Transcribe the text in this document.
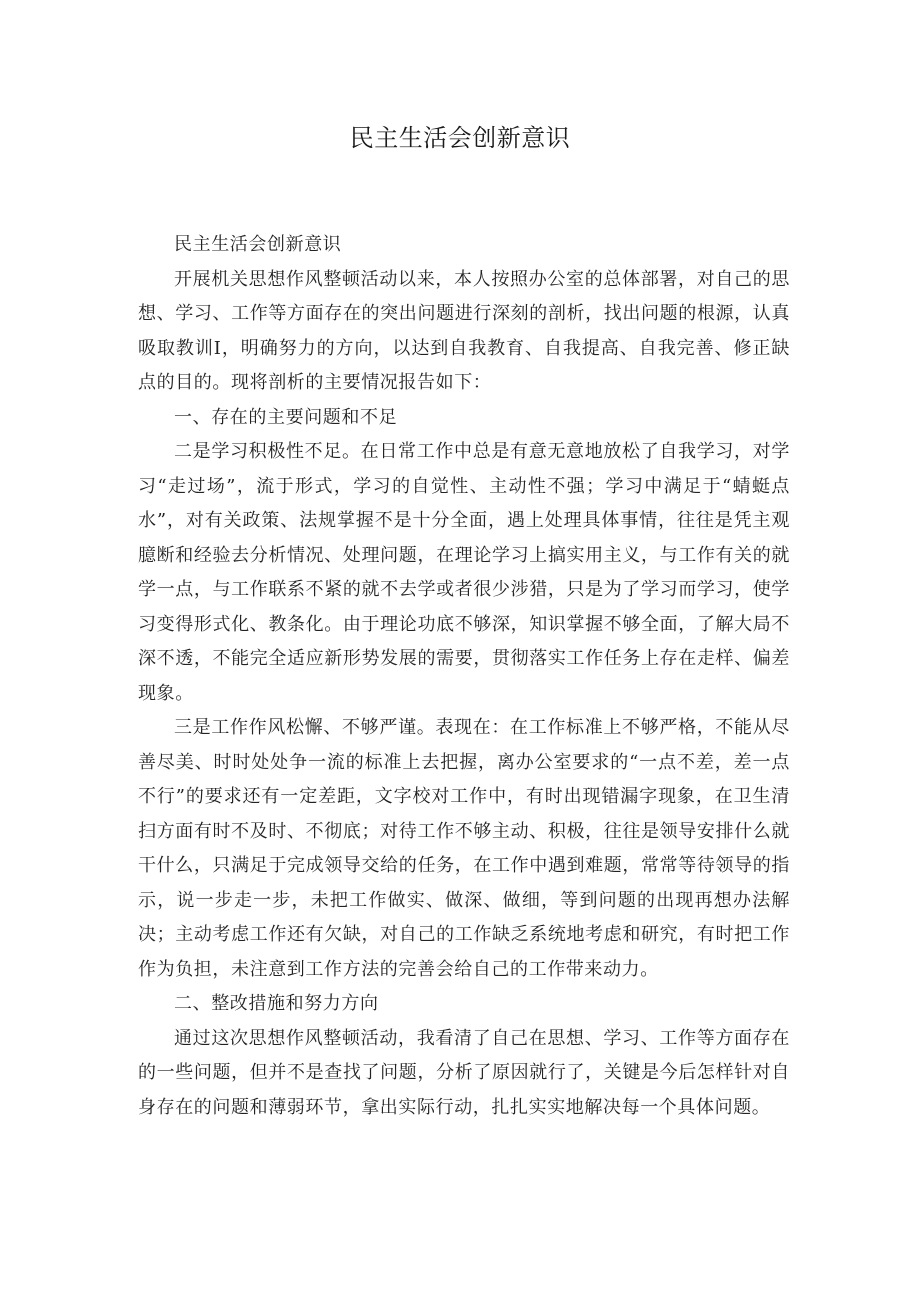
民主生活会创新意识

民主生活会创新意识

开展机关思想作风整顿活动以来，本人按照办公室的总体部署，对自己的思想、学习、工作等方面存在的突出问题进行深刻的剖析，找出问题的根源，认真吸取教训I，明确努力的方向，以达到自我教育、自我提高、自我完善、修正缺点的目的。现将剖析的主要情况报告如下：

一、存在的主要问题和不足

二是学习积极性不足。在日常工作中总是有意无意地放松了自我学习，对学习“走过场”，流于形式，学习的自觉性、主动性不强；学习中满足于“蜻蜓点水”，对有关政策、法规掌握不是十分全面，遇上处理具体事情，往往是凭主观臆断和经验去分析情况、处理问题，在理论学习上搞实用主义，与工作有关的就学一点，与工作联系不紧的就不去学或者很少涉猎，只是为了学习而学习，使学习变得形式化、教条化。由于理论功底不够深，知识掌握不够全面，了解大局不深不透，不能完全适应新形势发展的需要，贯彻落实工作任务上存在走样、偏差现象。

三是工作作风松懈、不够严谨。表现在：在工作标准上不够严格，不能从尽善尽美、时时处处争一流的标准上去把握，离办公室要求的“一点不差，差一点不行”的要求还有一定差距，文字校对工作中，有时出现错漏字现象，在卫生清扫方面有时不及时、不彻底；对待工作不够主动、积极，往往是领导安排什么就干什么，只满足于完成领导交给的任务，在工作中遇到难题，常常等待领导的指示，说一步走一步，未把工作做实、做深、做细，等到问题的出现再想办法解决；主动考虑工作还有欠缺，对自己的工作缺乏系统地考虑和研究，有时把工作作为负担，未注意到工作方法的完善会给自己的工作带来动力。

二、整改措施和努力方向

通过这次思想作风整顿活动，我看清了自己在思想、学习、工作等方面存在的一些问题，但并不是查找了问题，分析了原因就行了，关键是今后怎样针对自身存在的问题和薄弱环节，拿出实际行动，扎扎实实地解决每一个具体问题。
